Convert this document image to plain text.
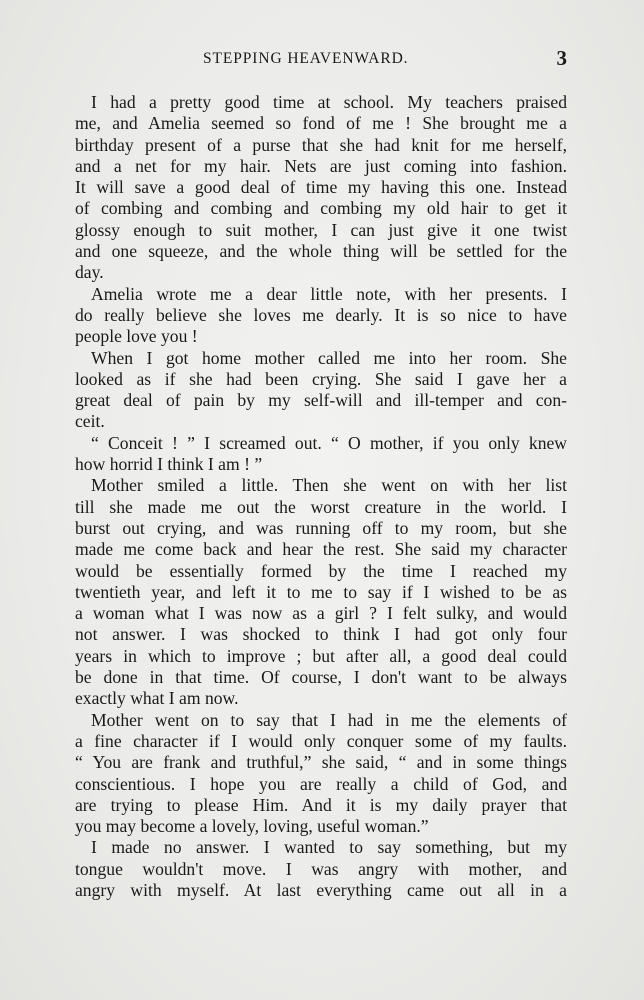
STEPPING HEAVENWARD.	3
I had a pretty good time at school. My teachers praised
me, and Amelia seemed so fond of me ! She brought me a
birthday present of a purse that she had knit for me herself,
and a net for my hair. Nets are just coming into fashion.
It will save a good deal of time my having this one. Instead
of combing and combing and combing my old hair to get it
glossy enough to suit mother, I can just give it one twist
and one squeeze, and the whole thing will be settled for the
day.
Amelia wrote me a dear little note, with her presents. I
do really believe she loves me dearly. It is so nice to have
people love you !
When I got home mother called me into her room. She
looked as if she had been crying. She said I gave her a
great deal of pain by my self-will and ill-temper and con-
ceit.
“ Conceit ! ” I screamed out. “ O mother, if you only knew
how horrid I think I am ! ”
Mother smiled a little. Then she went on with her list
till she made me out the worst creature in the world. I
burst out crying, and was running off to my room, but she
made me come back and hear the rest. She said my character
would be essentially formed by the time I reached my
twentieth year, and left it to me to say if I wished to be as
a woman what I was now as a girl ? I felt sulky, and would
not answer. I was shocked to think I had got only four
years in which to improve ; but after all, a good deal could
be done in that time. Of course, I don't want to be always
exactly what I am now.
Mother went on to say that I had in me the elements of
a fine character if I would only conquer some of my faults.
“ You are frank and truthful,” she said, “ and in some things
conscientious. I hope you are really a child of God, and
are trying to please Him. And it is my daily prayer that
you may become a lovely, loving, useful woman.”
I made no answer. I wanted to say something, but my
tongue wouldn't move. I was angry with mother, and
angry with myself. At last everything came out all in a
